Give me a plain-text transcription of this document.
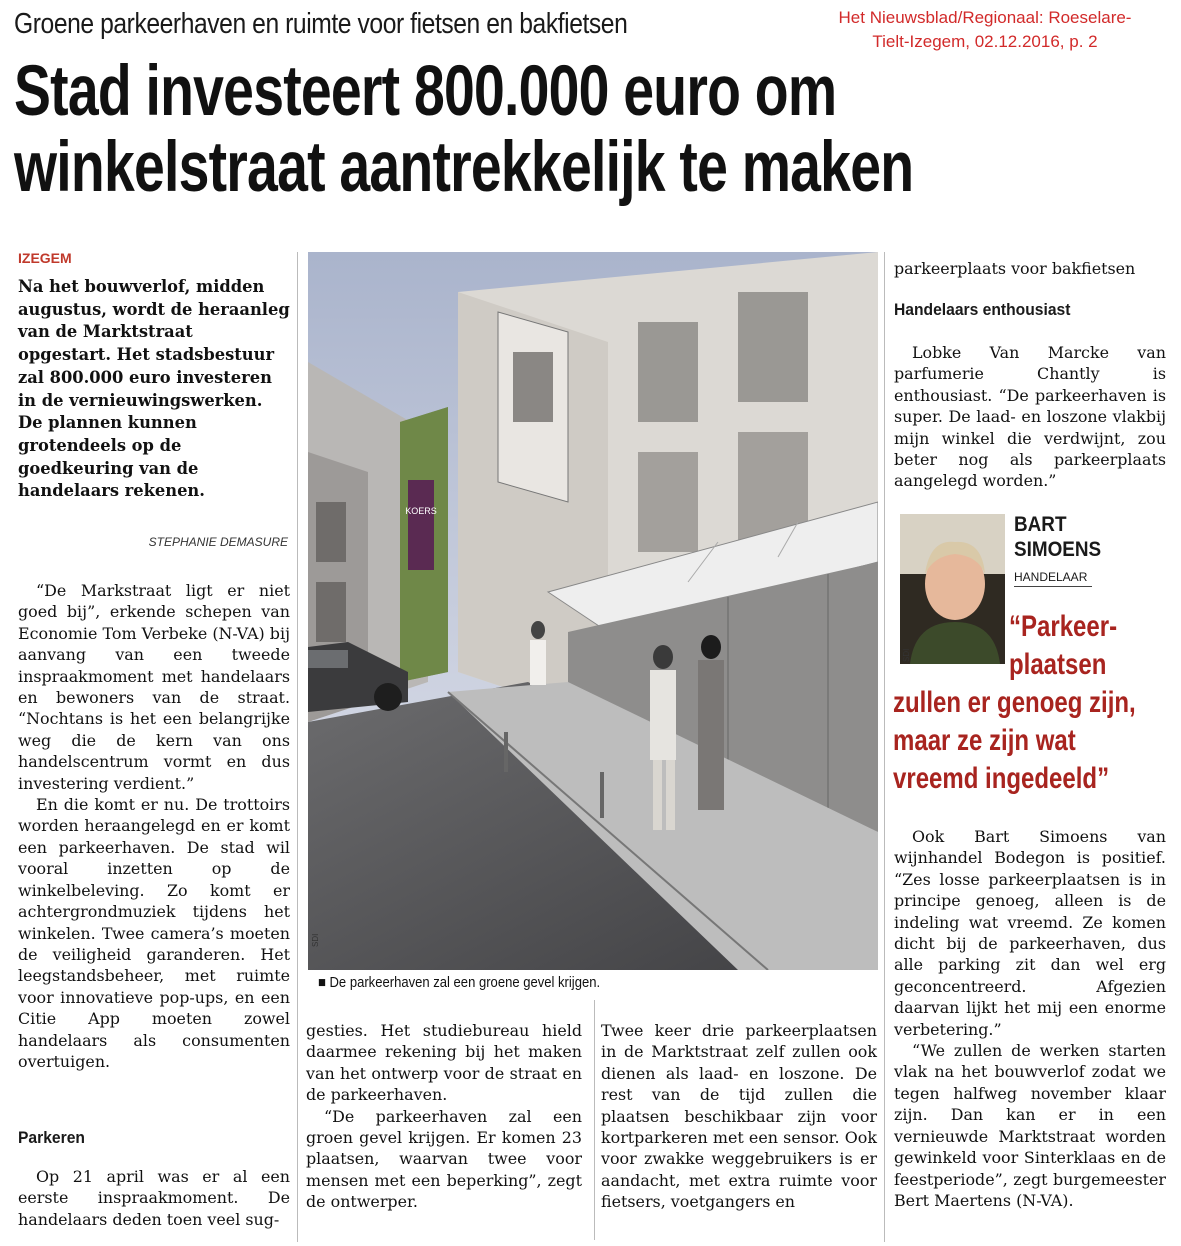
Het Nieuwsblad/Regionaal: Roeselare-
Tielt-Izegem, 02.12.2016, p. 2
Groene parkeerhaven en ruimte voor fietsen en bakfietsen
Stad investeert 800.000 euro om
winkelstraat aantrekkelijk te maken
IZEGEM
Na het bouwverlof, midden augustus, wordt de heraanleg van de Marktstraat opgestart. Het stadsbestuur zal 800.000 euro investeren in de vernieuwingswerken. De plannen kunnen grotendeels op de goedkeuring van de handelaars rekenen.
STEPHANIE DEMASURE

“De Markstraat ligt er niet goed bij”, erkende schepen van Economie Tom Verbeke (N-VA) bij aanvang van een tweede inspraakmoment met handelaars en bewoners van de straat. “Nochtans is het een belangrijke weg die de kern van ons handelscentrum vormt en dus investering verdient.”

En die komt er nu. De trottoirs worden heraangelegd en er komt een parkeerhaven. De stad wil vooral inzetten op de winkelbeleving. Zo komt er achtergrondmuziek tijdens het winkelen. Twee camera’s moeten de veiligheid garanderen. Het leegstandsbeheer, met ruimte voor innovatieve pop-ups, en een Citie App moeten zowel handelaars als consumenten overtuigen.

Parkeren

Op 21 april was er al een eerste inspraakmoment. De handelaars deden toen veel sug-

KOERS
SDI
■ De parkeerhaven zal een groene gevel krijgen.

gesties. Het studiebureau hield daarmee rekening bij het maken van het ontwerp voor de straat en de parkeerhaven.

“De parkeerhaven zal een groen gevel krijgen. Er komen 23 plaatsen, waarvan twee voor mensen met een beperking”, zegt de ontwerper.

Twee keer drie parkeerplaatsen in de Marktstraat zelf zullen ook dienen als laad- en loszone. De rest van de tijd zullen die plaatsen beschikbaar zijn voor kortparkeren met een sensor. Ook voor zwakke weggebruikers is er aandacht, met extra ruimte voor fietsers, voetgangers en

parkeerplaats voor bakfietsen
Handelaars enthousiast

Lobke Van Marcke van parfumerie Chantly is enthousiast. “De parkeerhaven is super. De laad- en loszone vlakbij mijn winkel die verdwijnt, zou beter nog als parkeerplaats aangelegd worden.”

SDI
BART
SIMOENS
HANDELAAR
“Parkeer-
plaatsen
zullen er genoeg zijn,
maar ze zijn wat
vreemd ingedeeld”

Ook Bart Simoens van wijnhandel Bodegon is positief. “Zes losse parkeerplaatsen is in principe genoeg, alleen is de indeling wat vreemd. Ze komen dicht bij de parkeerhaven, dus alle parking zit dan wel erg geconcentreerd. Afgezien daarvan lijkt het mij een enorme verbetering.”

“We zullen de werken starten vlak na het bouwverlof zodat we tegen halfweg november klaar zijn. Dan kan er in een vernieuwde Marktstraat worden gewinkeld voor Sinterklaas en de feestperiode”, zegt burgemeester Bert Maertens (N-VA).
